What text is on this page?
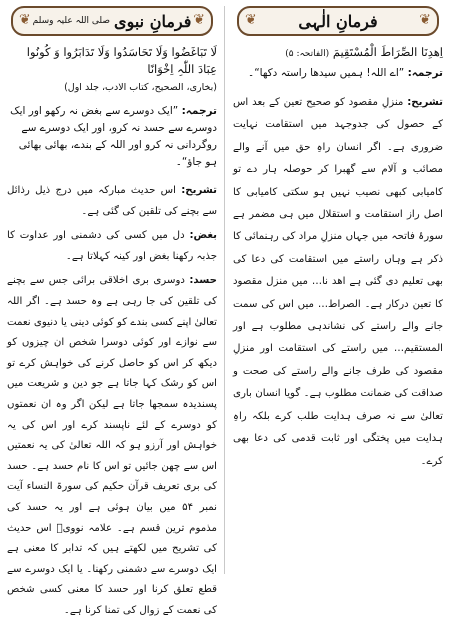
❦
فرمانِ الٰہی
❦
اِھدِنَا الصِّرَاطَ الْمُسْتَقِیمَ (الفاتحہ: ۵)
ترجمہ: ”اے اللہ! ہمیں سیدھا راستہ دکھا“۔
تشریح: منزلِ مقصود کو صحیح تعین کے بعد اس کے حصول کی جدوجہد میں استقامت نہایت ضروری ہے۔ اگر انسان راہِ حق میں آنے والے مصائب و آلام سے گھبرا کر حوصلہ ہار دے تو کامیابی کبھی نصیب نہیں ہو سکتی کامیابی کا اصل راز استقامت و استقلال میں ہی مضمر ہے سورۂ فاتحہ میں جہاں منزلِ مراد کی رہنمائی کا ذکر ہے وہاں راستے میں استقامت کی دعا کی بھی تعلیم دی گئی ہے اھد نا… میں منزل مقصود کا تعین درکار ہے۔ الصراط… میں اس کی سمت جانے والے راستے کی نشاندہی مطلوب ہے اور المستقیم… میں راستے کی استقامت اور منزلِ مقصود کی طرف جانے والے راستے کی صحت و صداقت کی ضمانت مطلوب ہے۔ گویا انسان باری تعالیٰ سے نہ صرف ہدایت طلب کرے بلکہ راہِ ہدایت میں پختگی اور ثابت قدمی کی دعا بھی کرے۔
❦
فرمانِ نبوی
صلی اللہ علیہ وسلم
❦
لَا تَبَاغَضُوا وَلَا تَحَاسَدُوا وَلَا تَدَابَرُوا وَ کُونُوا عِبَادَ اللّٰہِ اِخْوَانًا
(بخاری، الصحیح، کتاب الادب، جلد اول)
ترجمہ: ”ایک دوسرے سے بغض نہ رکھو اور ایک دوسرے سے حسد نہ کرو، اور ایک دوسرے سے روگردانی نہ کرو اور اللہ کے بندے، بھائی بھائی ہو جاؤ“۔
تشریح: اس حدیث مبارکہ میں درج ذیل رذائل سے بچنے کی تلقین کی گئی ہے۔
بغض: دل میں کسی کی دشمنی اور عداوت کا جذبہ رکھنا بغض اور کینہ کہلاتا ہے۔
حسد: دوسری بری اخلاقی برائی جس سے بچنے کی تلقین کی جا رہی ہے وہ حسد ہے۔ اگر اللہ تعالیٰ اپنے کسی بندے کو کوئی دینی یا دنیوی نعمت سے نوازے اور کوئی دوسرا شخص ان چیزوں کو دیکھ کر اس کو حاصل کرنے کی خواہش کرے تو اس کو رشک کہا جاتا ہے جو دین و شریعت میں پسندیدہ سمجھا جاتا ہے لیکن اگر وہ ان نعمتوں کو دوسرے کے لئے ناپسند کرے اور اس کی یہ خواہش اور آرزو ہو کہ اللہ تعالیٰ کی یہ نعمتیں اس سے چھن جائیں تو اس کا نام حسد ہے۔ حسد کی بری تعریف قرآن حکیم کی سورۃ النساء آیت نمبر ۵۴ میں بیان ہوئی ہے اور یہ حسد کی مذموم ترین قسم ہے۔ علامہ نوویؒ اس حدیث کی تشریح میں لکھتے ہیں کہ تدابر کا معنی ہے ایک دوسرے سے دشمنی رکھنا۔ یا ایک دوسرے سے قطع تعلق کرنا اور حسد کا معنی کسی شخص کی نعمت کے زوال کی تمنا کرنا ہے۔
